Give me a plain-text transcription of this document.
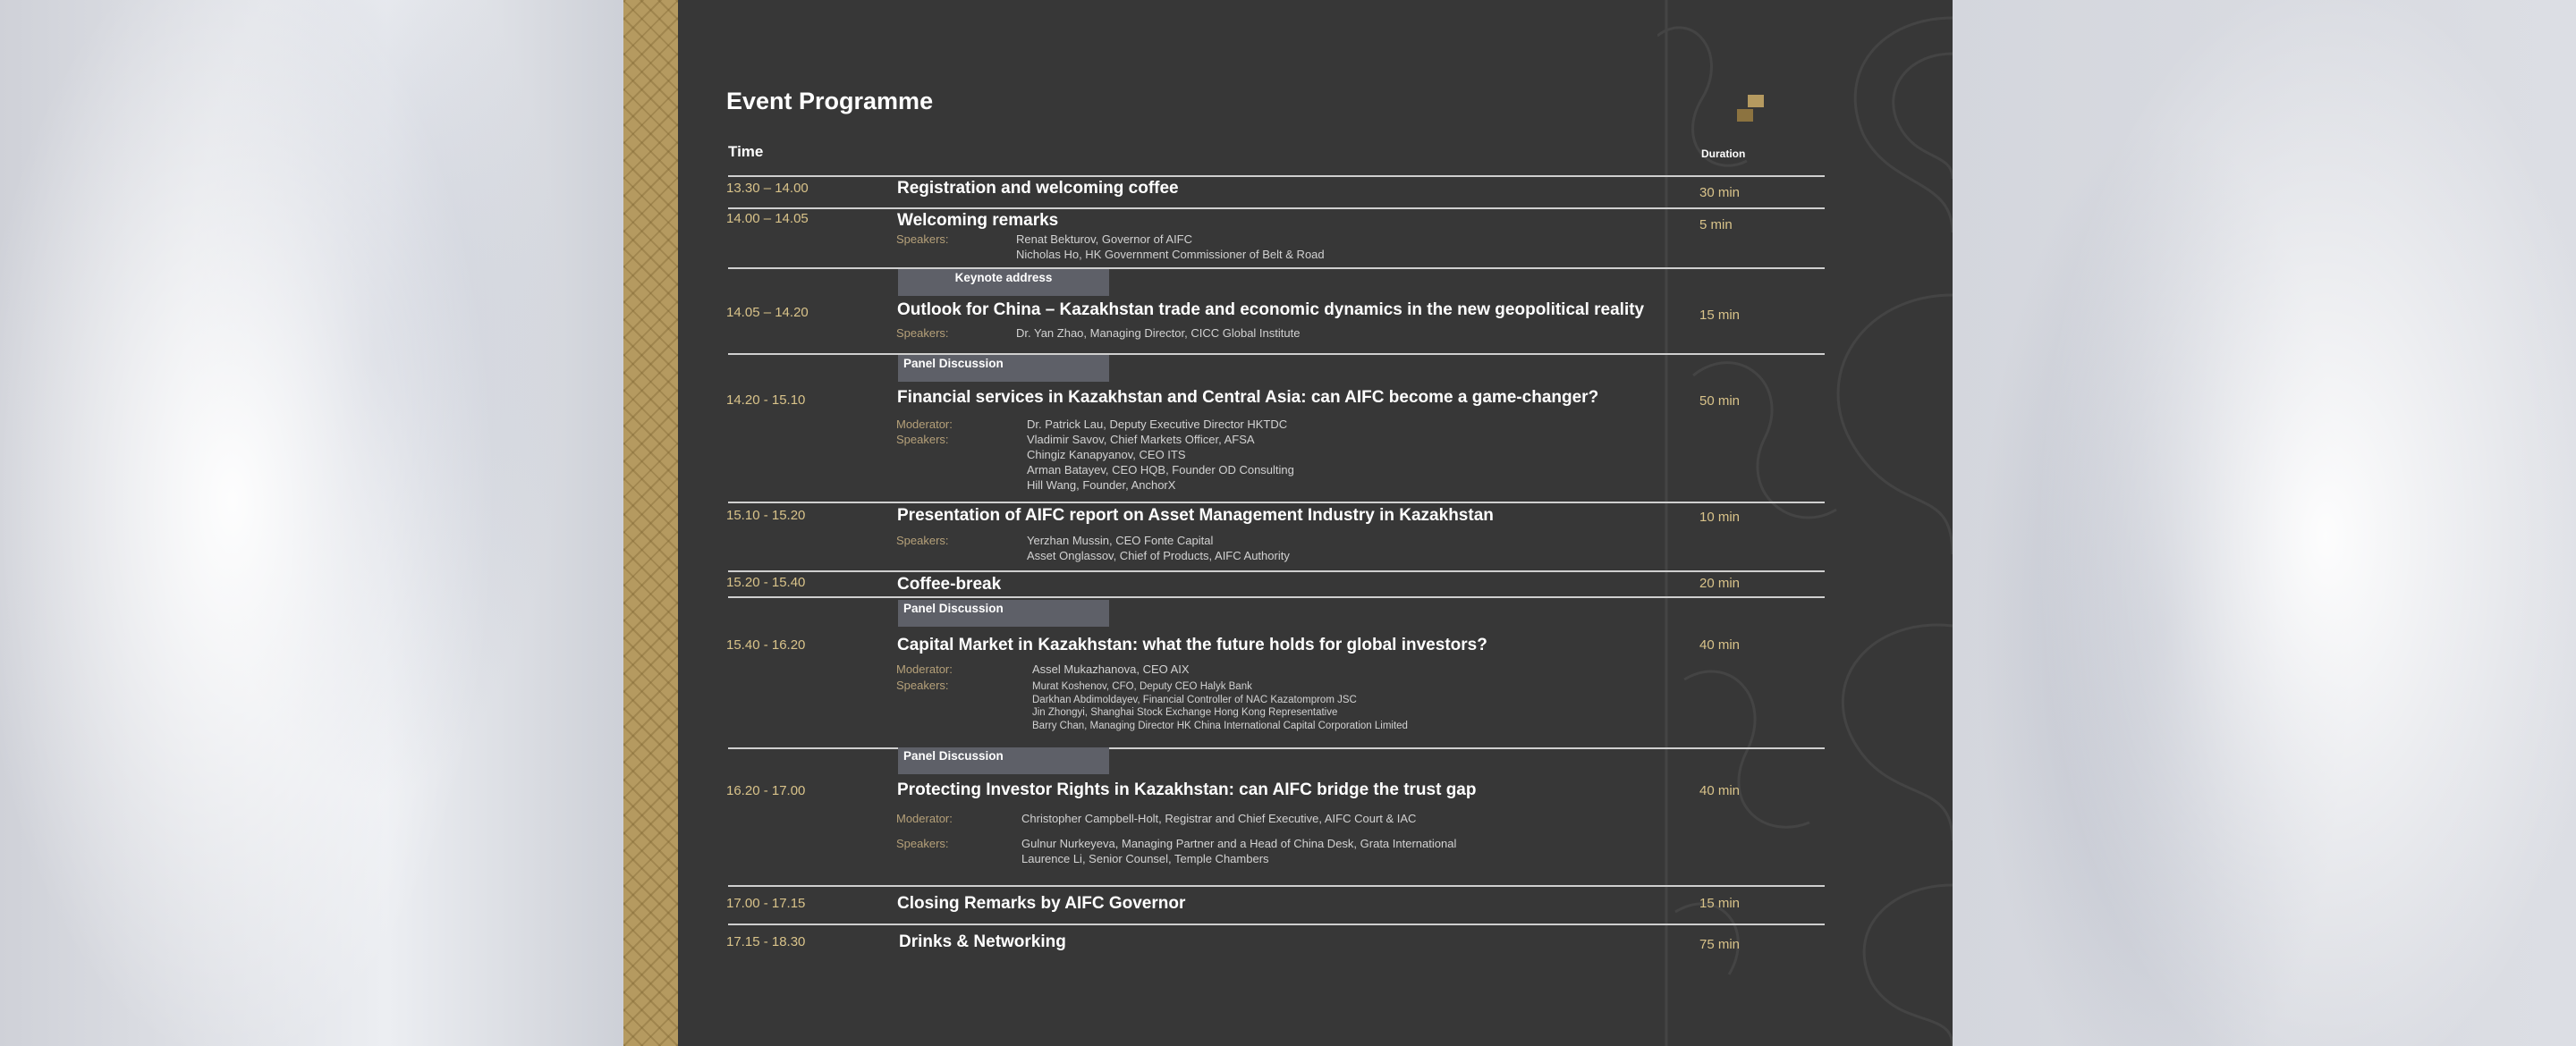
Event Programme
Time	Duration
13.30 – 14.00	Registration and welcoming coffee	30 min
14.00 – 14.05	Welcoming remarks	5 min
Speakers:	Renat Bekturov, Governor of AIFC
Nicholas Ho, HK Government Commissioner of Belt & Road
Keynote address
14.05 – 14.20	Outlook for China – Kazakhstan trade and economic dynamics in the new geopolitical reality	15 min
Speakers:	Dr. Yan Zhao, Managing Director, CICC Global Institute
Panel Discussion
14.20 - 15.10	Financial services in Kazakhstan and Central Asia: can AIFC become a game-changer?	50 min
Moderator:	Dr. Patrick Lau, Deputy Executive Director HKTDC
Speakers:	Vladimir Savov, Chief Markets Officer, AFSA
Chingiz Kanapyanov, CEO ITS
Arman Batayev, CEO HQB, Founder OD Consulting
Hill Wang, Founder, AnchorX
15.10 - 15.20	Presentation of AIFC report on Asset Management Industry in Kazakhstan	10 min
Speakers:	Yerzhan Mussin, CEO Fonte Capital
Asset Onglassov, Chief of Products, AIFC Authority
15.20 - 15.40	Coffee-break	20 min
Panel Discussion
15.40 - 16.20	Capital Market in Kazakhstan: what the future holds for global investors?	40 min
Moderator:	Assel Mukazhanova, CEO AIX
Speakers:	Murat Koshenov, CFO, Deputy CEO Halyk Bank
Darkhan Abdimoldayev, Financial Controller of NAC Kazatomprom JSC
Jin Zhongyi, Shanghai Stock Exchange Hong Kong Representative
Barry Chan, Managing Director HK China International Capital Corporation Limited
Panel Discussion
16.20 - 17.00	Protecting Investor Rights in Kazakhstan: can AIFC bridge the trust gap	40 min
Moderator:	Christopher Campbell-Holt, Registrar and Chief Executive, AIFC Court & IAC
Speakers:	Gulnur Nurkeyeva, Managing Partner and a Head of China Desk, Grata International
Laurence Li, Senior Counsel, Temple Chambers
17.00 - 17.15	Closing Remarks by AIFC Governor	15 min
17.15 - 18.30	Drinks & Networking	75 min
